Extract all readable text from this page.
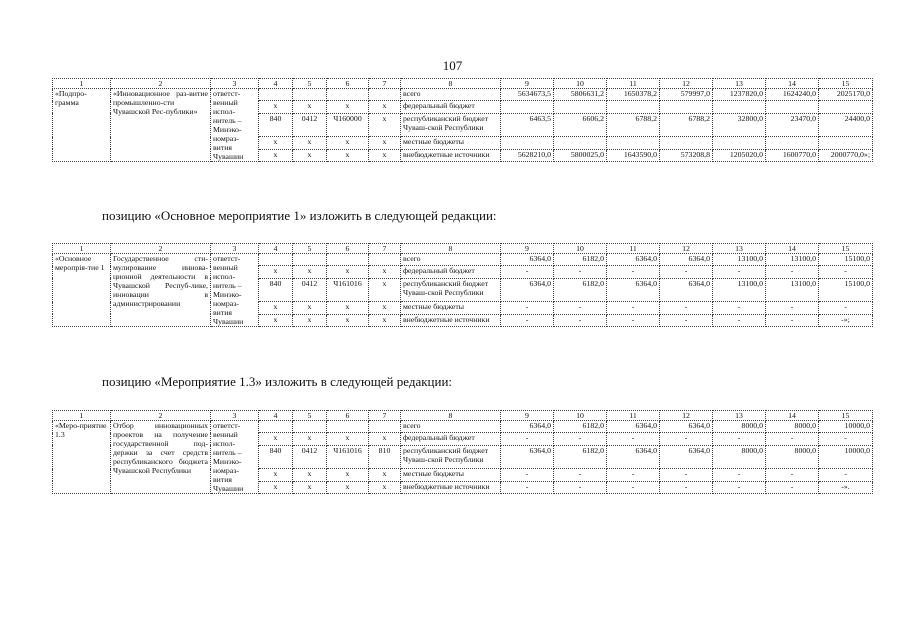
107
позицию «Основное мероприятие 1» изложить в следующей редакции:
позицию «Мероприятие 1.3» изложить в следующей редакции:
1	2	3	4	5	6	7	8	9	10	11	12	13	14	15
«Подпро-грамма	«Инновационное раз-витие промышленно-сти Чувашской Рес-публики»	ответст-венный испол-нитель – Минэко-номраз-вития Чувашии					всего	5634673,5	5806631,2	1650378,2	579997,0	1237820,0	1624240,0	2025170,0
			x	x	x	x	федеральный бюджет							
			840	0412	Ч160000	x	республиканский бюджет Чуваш-ской Республики	6463,5	6606,2	6788,2	6788,2	32800,0	23470,0	24400,0
			x	x	x	x	местные бюджеты							
			x	x	x	x	внебюджетные источники	5628210,0	5800025,0	1643590,0	573208,8	1205020,0	1600770,0	2000770,0»;
1	2	3	4	5	6	7	8	9	10	11	12	13	14	15
«Основное меропрія-тие 1	Государственное сти-мулирование иннова-ционной деятельности в Чувашской Респуб-лике, инновации в администрировании	ответст-венный испол-нитель – Минэко-номраз-вития Чувашии					всего	6364,0	6182,0	6364,0	6364,0	13100,0	13100,0	15100,0
			x	x	x	x	федеральный бюджет	-	-	-	-	-	-	-
			840	0412	Ч161016	x	республиканский бюджет Чуваш-ской Республики	6364,0	6182,0	6364,0	6364,0	13100,0	13100,0	15100,0
			x	x	x	x	местные бюджеты	-	-	-	-	-	-	-
			x	x	x	x	внебюджетные источники	-	-	-	-	-	-	-»;
1	2	3	4	5	6	7	8	9	10	11	12	13	14	15
«Меро-приятие 1.3	Отбор инновационных проектов на получение государственной под-держки за счет средств республиканского бюджета Чувашской Республики	ответст-венный испол-нитель – Минэко-номраз-вития Чувашии					всего	6364,0	6182,0	6364,0	6364,0	8000,0	8000,0	10000,0
			x	x	x	x	федеральный бюджет	-	-	-	-	-	-	-
			840	0412	Ч161016	810	республиканский бюджет Чуваш-ской Республики	6364,0	6182,0	6364,0	6364,0	8000,0	8000,0	10000,0
			x	x	x	x	местные бюджеты	-	-	-	-	-	-	-
			x	x	x	x	внебюджетные источники	-	-	-	-	-	-	-».
